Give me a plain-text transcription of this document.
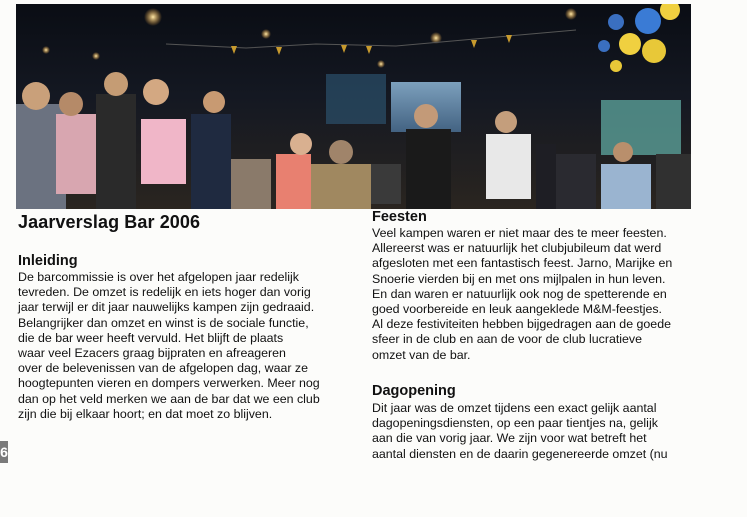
6
Jaarverslag Bar 2006
Inleiding

De barcommissie is over het afgelopen jaar redelijk

tevreden. De omzet is redelijk en iets hoger dan vorig

jaar terwijl er dit jaar nauwelijks kampen zijn gedraaid.

Belangrijker dan omzet en winst is de sociale functie,

die de bar weer heeft vervuld. Het blijft de plaats

waar veel Ezacers graag bijpraten en afreageren

over de belevenissen van de afgelopen dag, waar ze

hoogtepunten vieren en dompers verwerken. Meer nog

dan op het veld merken we aan de bar dat we een club

zijn die bij elkaar hoort; en dat moet zo blijven.

Feesten

Veel kampen waren er niet maar des te meer feesten.

Allereerst was er natuurlijk het clubjubileum dat werd

afgesloten met een fantastisch feest. Jarno, Marijke en

Snoerie vierden bij en met ons mijlpalen in hun leven.

En dan waren er natuurlijk ook nog de spetterende en

goed voorbereide en leuk aangeklede M&M-feestjes.

Al deze festiviteiten hebben bijgedragen aan de goede

sfeer in de club en aan de voor de club lucratieve

omzet van de bar.

Dagopening

Dit jaar was de omzet tijdens een exact gelijk aantal

dagopeningsdiensten, op een paar tientjes na, gelijk

aan die van vorig jaar. We zijn voor wat betreft het

aantal diensten en de daarin gegenereerde omzet (nu
